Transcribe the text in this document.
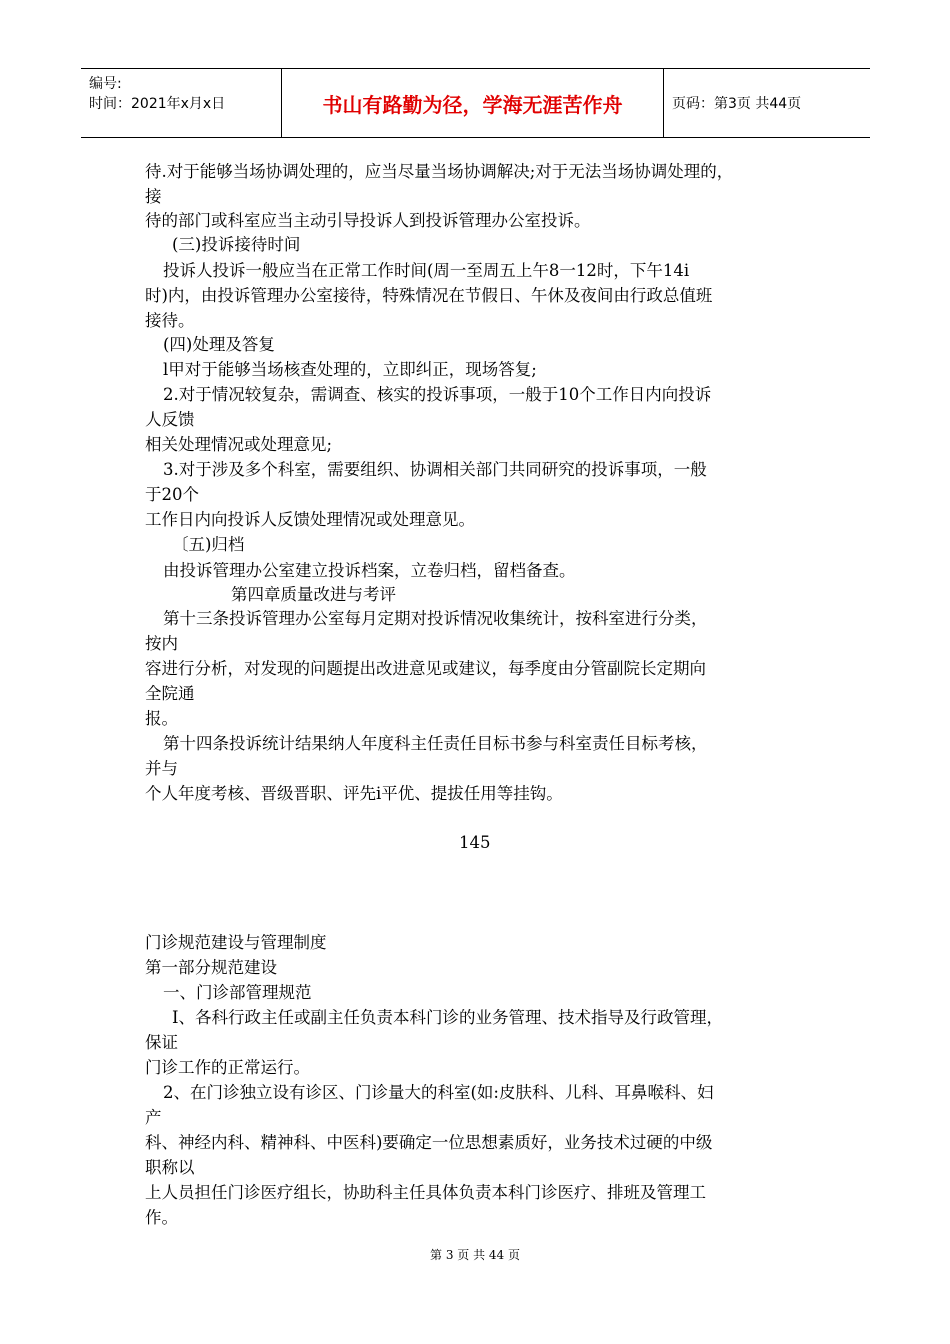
编号:
时间：2021年x月x日	书山有路勤为径，学海无涯苦作舟	页码：第3页 共44页
待.对于能够当场协调处理的，应当尽量当场协调解决;对于无法当场协调处理的，
接
待的部门或科室应当主动引导投诉人到投诉管理办公室投诉。
(三)投诉接待时间
投诉人投诉一般应当在正常工作时间(周一至周五上午8一12时，下午14i
时)内，由投诉管理办公室接待，特殊情况在节假日、午休及夜间由行政总值班
接待。
(四)处理及答复
l甲对于能够当场核查处理的，立即纠正，现场答复;
2.对于情况较复杂，需调查、核实的投诉事项，一般于10个工作日内向投诉
人反馈
相关处理情况或处理意见;
3.对于涉及多个科室，需要组织、协调相关部门共同研究的投诉事项，一般
于20个
工作日内向投诉人反馈处理情况或处理意见。
〔五)归档
由投诉管理办公室建立投诉档案，立卷归档，留档备查。
第四章质量改进与考评
第十三条投诉管理办公室每月定期对投诉情况收集统计，按科室进行分类，
按内
容进行分析，对发现的问题提出改进意见或建议，每季度由分管副院长定期向
全院通
报。
第十四条投诉统计结果纳人年度科主任责任目标书参与科室责任目标考核，
并与
个人年度考核、晋级晋职、评先i平优、提拔任用等挂钩。
145
门诊规范建设与管理制度
第一部分规范建设
一、门诊部管理规范
I、各科行政主任或副主任负责本科门诊的业务管理、技术指导及行政管理，
保证
门诊工作的正常运行。
2、在门诊独立设有诊区、门诊量大的科室(如:皮肤科、儿科、耳鼻喉科、妇
产
科、神经内科、精神科、中医科)要确定一位思想素质好，业务技术过硬的中级
职称以
上人员担任门诊医疗组长，协助科主任具体负责本科门诊医疗、排班及管理工
作。
第 3 页 共 44 页
